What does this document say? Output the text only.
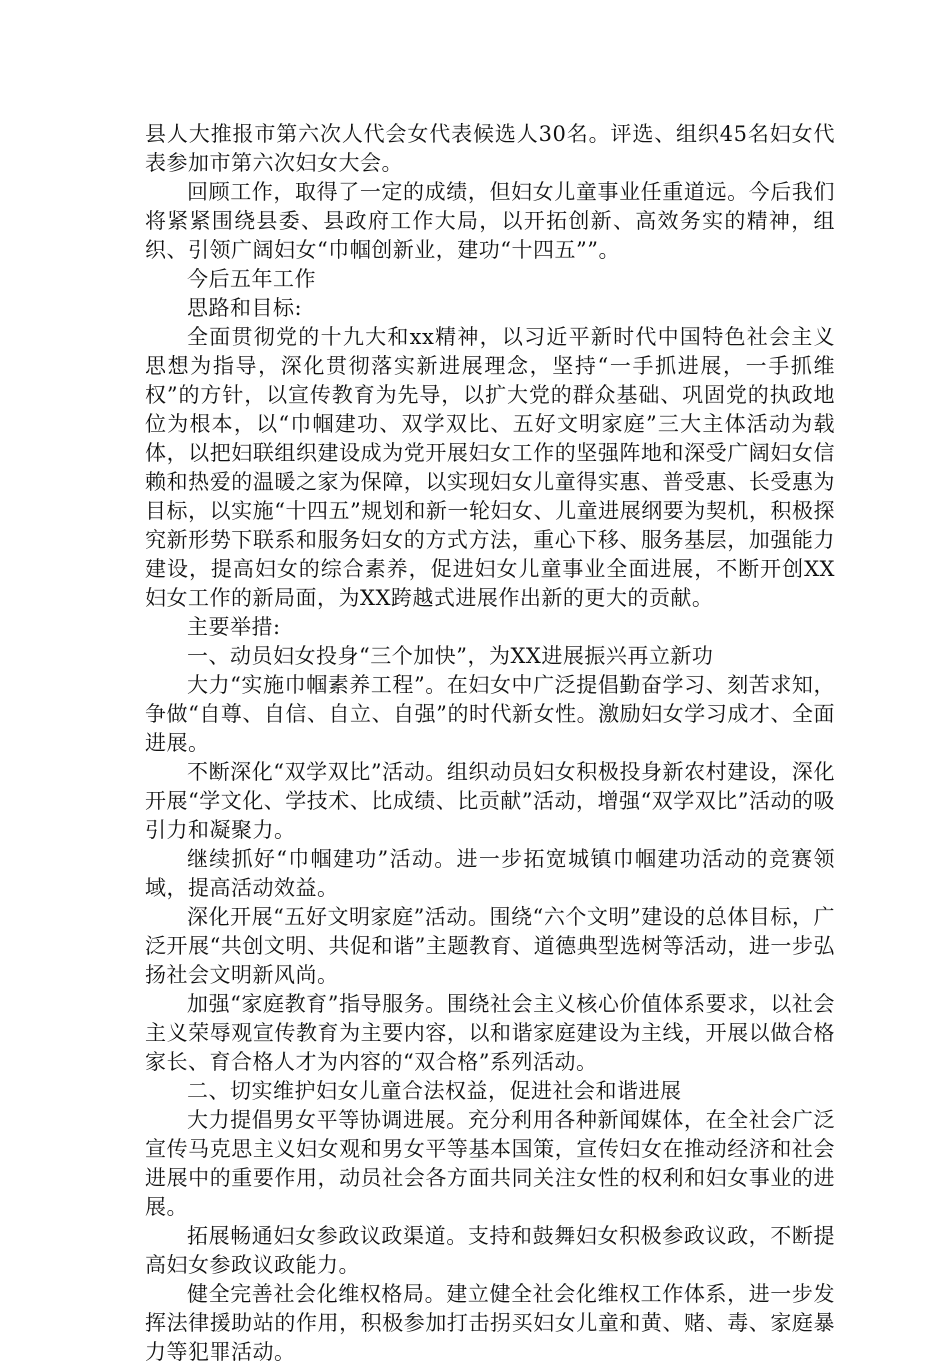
县人大推报市第六次人代会女代表候选人30名。评选、组织45名妇女代表参加市第六次妇女大会。

回顾工作，取得了一定的成绩，但妇女儿童事业任重道远。今后我们将紧紧围绕县委、县政府工作大局，以开拓创新、高效务实的精神，组织、引领广阔妇女“巾帼创新业，建功“十四五””。

今后五年工作

思路和目标:

全面贯彻党的十九大和xx精神，以习近平新时代中国特色社会主义思想为指导，深化贯彻落实新进展理念，坚持“一手抓进展，一手抓维权”的方针，以宣传教育为先导，以扩大党的群众基础、巩固党的执政地位为根本，以“巾帼建功、双学双比、五好文明家庭”三大主体活动为载体，以把妇联组织建设成为党开展妇女工作的坚强阵地和深受广阔妇女信赖和热爱的温暖之家为保障，以实现妇女儿童得实惠、普受惠、长受惠为目标，以实施“十四五”规划和新一轮妇女、儿童进展纲要为契机，积极探究新形势下联系和服务妇女的方式方法，重心下移、服务基层，加强能力建设，提高妇女的综合素养，促进妇女儿童事业全面进展，不断开创XX妇女工作的新局面，为XX跨越式进展作出新的更大的贡献。

主要举措:

一、动员妇女投身“三个加快”，为XX进展振兴再立新功

大力“实施巾帼素养工程”。在妇女中广泛提倡勤奋学习、刻苦求知，争做“自尊、自信、自立、自强”的时代新女性。激励妇女学习成才、全面进展。

不断深化“双学双比”活动。组织动员妇女积极投身新农村建设，深化开展“学文化、学技术、比成绩、比贡献”活动，增强“双学双比”活动的吸引力和凝聚力。

继续抓好“巾帼建功”活动。进一步拓宽城镇巾帼建功活动的竞赛领域，提高活动效益。

深化开展“五好文明家庭”活动。围绕“六个文明”建设的总体目标，广泛开展“共创文明、共促和谐”主题教育、道德典型选树等活动，进一步弘扬社会文明新风尚。

加强“家庭教育”指导服务。围绕社会主义核心价值体系要求，以社会主义荣辱观宣传教育为主要内容，以和谐家庭建设为主线，开展以做合格家长、育合格人才为内容的“双合格”系列活动。

二、切实维护妇女儿童合法权益，促进社会和谐进展

大力提倡男女平等协调进展。充分利用各种新闻媒体，在全社会广泛宣传马克思主义妇女观和男女平等基本国策，宣传妇女在推动经济和社会进展中的重要作用，动员社会各方面共同关注女性的权利和妇女事业的进展。

拓展畅通妇女参政议政渠道。支持和鼓舞妇女积极参政议政，不断提高妇女参政议政能力。

健全完善社会化维权格局。建立健全社会化维权工作体系，进一步发挥法律援助站的作用，积极参加打击拐买妇女儿童和黄、赌、毒、家庭暴力等犯罪活动。
